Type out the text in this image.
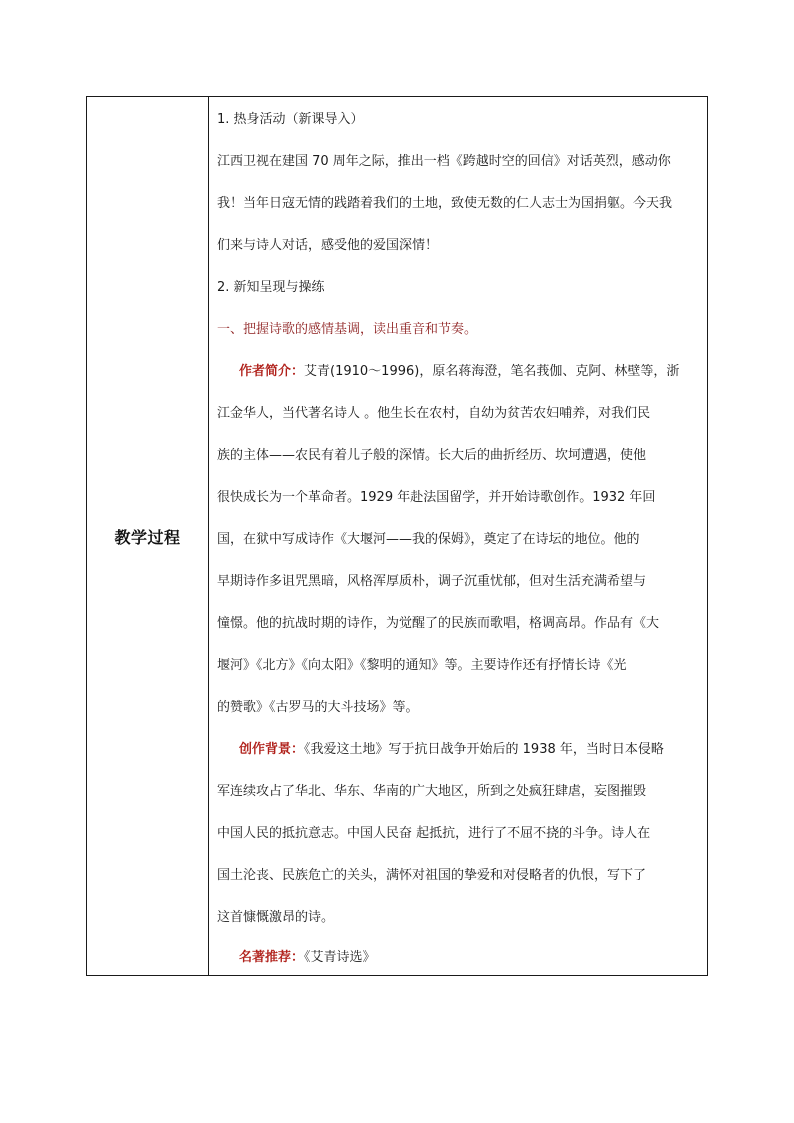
教学过程
1. 热身活动（新课导入）
江西卫视在建国 70 周年之际，推出一档《跨越时空的回信》对话英烈，感动你
我！当年日寇无情的践踏着我们的土地，致使无数的仁人志士为国捐躯。今天我
们来与诗人对话，感受他的爱国深情！
2. 新知呈现与操练
一、把握诗歌的感情基调，读出重音和节奏。
作者简介：艾青(1910～1996)，原名蒋海澄，笔名莪伽、克阿、林壁等，浙
江金华人，当代著名诗人 。他生长在农村，自幼为贫苦农妇哺养，对我们民
族的主体——农民有着儿子般的深情。长大后的曲折经历、坎坷遭遇，使他
很快成长为一个革命者。1929 年赴法国留学，并开始诗歌创作。1932 年回
国，在狱中写成诗作《大堰河——我的保姆》，奠定了在诗坛的地位。他的
早期诗作多诅咒黑暗，风格浑厚质朴，调子沉重忧郁，但对生活充满希望与
憧憬。他的抗战时期的诗作，为觉醒了的民族而歌唱，格调高昂。作品有《大
堰河》《北方》《向太阳》《黎明的通知》等。主要诗作还有抒情长诗《光
的赞歌》《古罗马的大斗技场》等。
创作背景：《我爱这土地》写于抗日战争开始后的 1938 年，当时日本侵略
军连续攻占了华北、华东、华南的广大地区，所到之处疯狂肆虐，妄图摧毁
中国人民的抵抗意志。中国人民奋 起抵抗，进行了不屈不挠的斗争。诗人在
国土沦丧、民族危亡的关头，满怀对祖国的挚爱和对侵略者的仇恨，写下了
这首慷慨激昂的诗。
名著推荐：《艾青诗选》
